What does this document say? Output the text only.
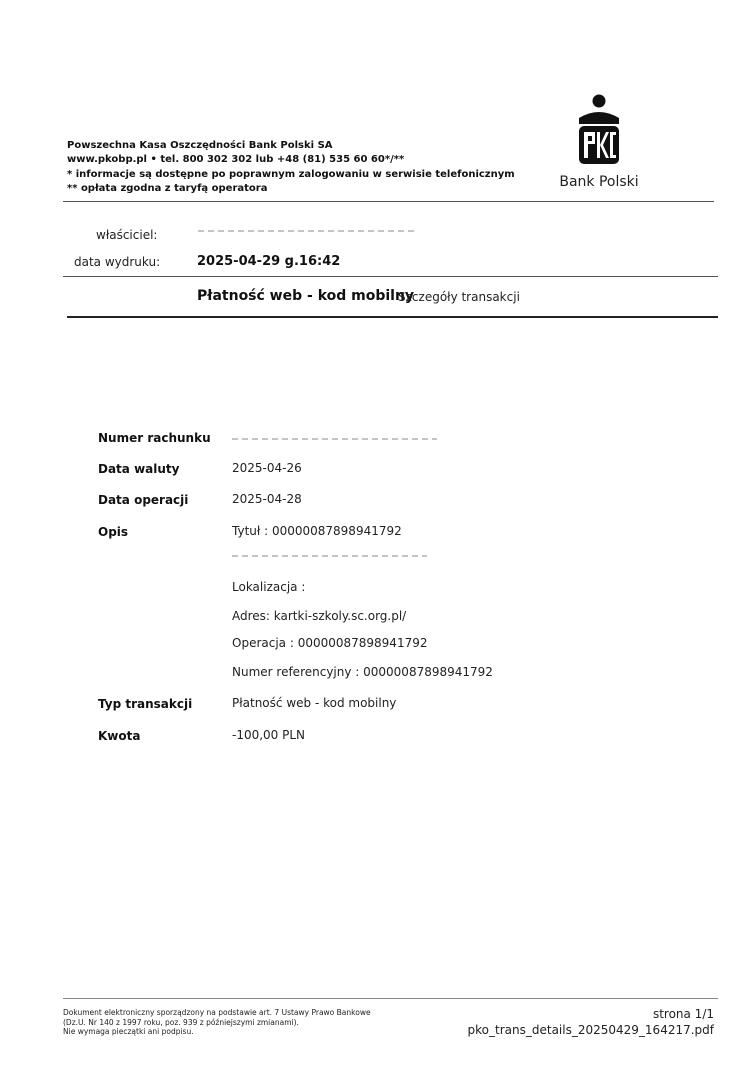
Powszechna Kasa Oszczędności Bank Polski SA
www.pkobp.pl • tel. 800 302 302 lub +48 (81) 535 60 60*/**
* informacje są dostępne po poprawnym zalogowaniu w serwisie telefonicznym
** opłata zgodna z taryfą operatora	Bank Polski
właściciel:
data wydruku:	2025-04-29 g.16:42
Płatność web - kod mobilny
Szczegóły transakcji
Numer rachunku
Data waluty	2025-04-26
Data operacji	2025-04-28
Opis	Tytuł : 00000087898941792
Lokalizacja :
Adres: kartki-szkoly.sc.org.pl/
Operacja : 00000087898941792
Numer referencyjny : 00000087898941792
Typ transakcji	Płatność web - kod mobilny
Kwota	-100,00 PLN
Dokument elektroniczny sporządzony na podstawie art. 7 Ustawy Prawo Bankowe
(Dz.U. Nr 140 z 1997 roku, poz. 939 z późniejszymi zmianami).
Nie wymaga pieczątki ani podpisu.
strona 1/1
pko_trans_details_20250429_164217.pdf
